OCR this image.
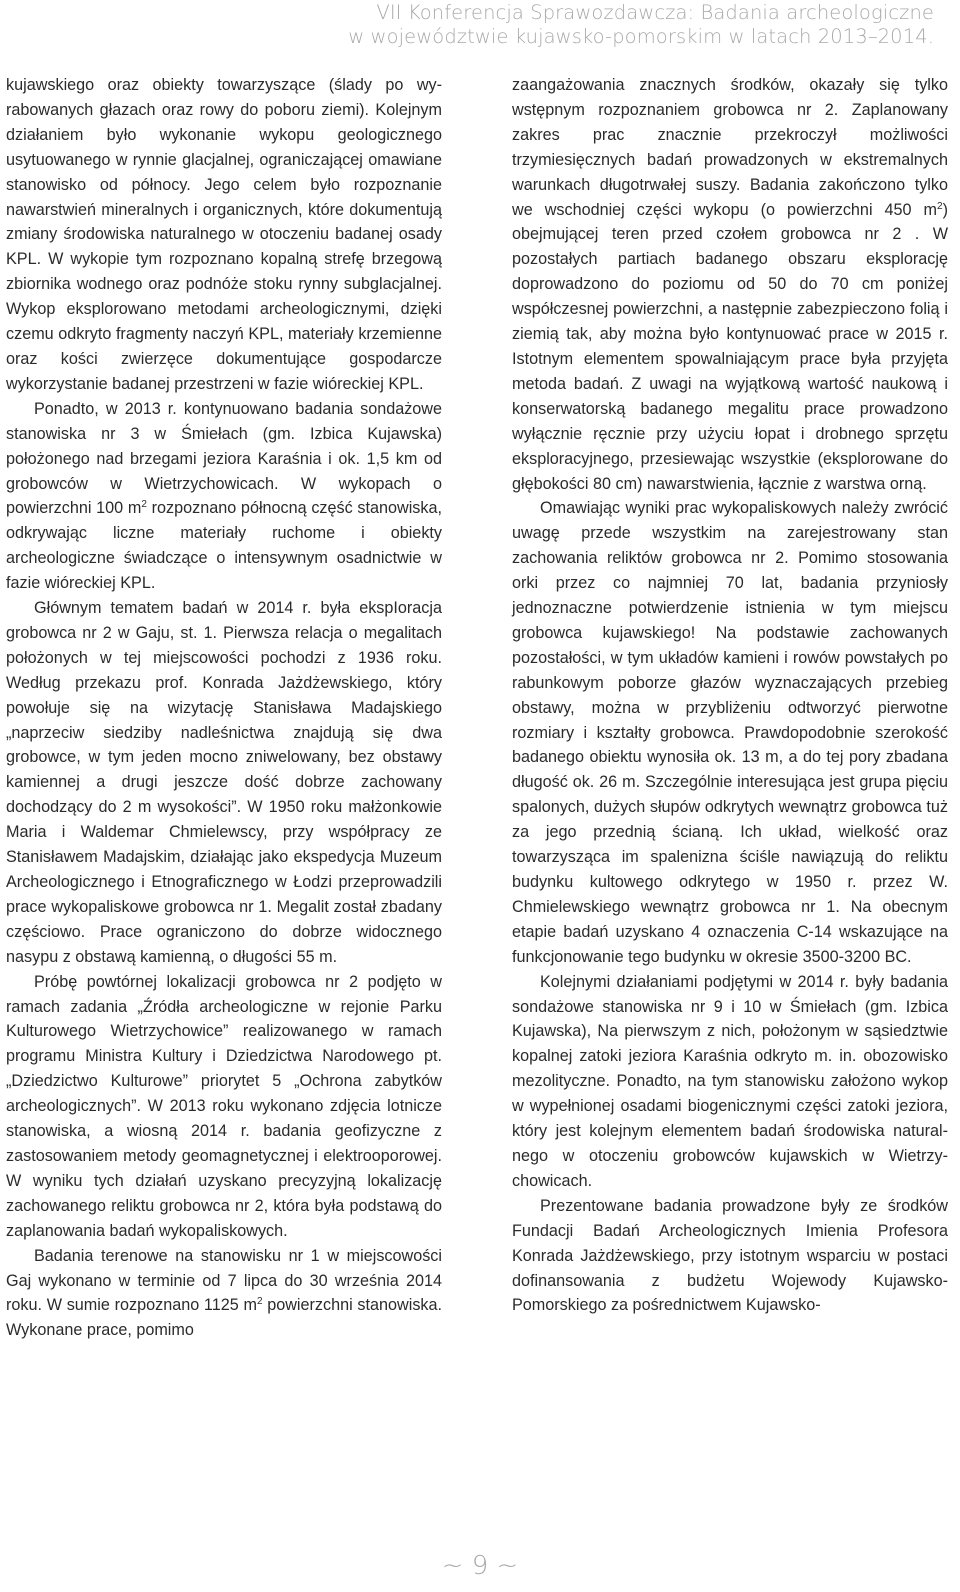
VII Konferencja Sprawozdawcza: Badania archeologiczne
w województwie kujawsko-pomorskim w latach 2013–2014.

kujawskiego oraz obiekty towarzyszące (ślady po wyrabowanych głazach oraz rowy do poboru ziemi). Kolejnym działaniem było wykonanie wykopu geologicznego usytuowanego w rynnie glacjalnej, ograniczającej omawiane stanowisko od północy. Jego celem było rozpoznanie nawarstwień mineralnych i organicznych, które dokumentują zmiany środowiska naturalnego w otoczeniu badanej osady KPL. W wykopie tym rozpoznano kopalną strefę brzegową zbiornika wodnego oraz podnóże stoku rynny subglacjalnej. Wykop eksplorowano metodami archeologicznymi, dzięki czemu odkryto fragmenty naczyń KPL, materiały krzemienne oraz kości zwierzęce dokumentujące gospodarcze wykorzystanie badanej przestrzeni w fazie wióreckiej KPL.

Ponadto, w 2013 r. kontynuowano badania sondażowe stanowiska nr 3 w Śmiełach (gm. Izbica Kujawska) położonego nad brzegami jeziora Karaśnia i ok. 1,5 km od grobowców w Wietrzychowicach. W wykopach o powierzchni 100 $m^2$ rozpoznano północną część stanowiska, odkrywając liczne materiały ruchome i obiekty archeologiczne świadczące o intensywnym osadnictwie w fazie wióreckiej KPL.

Głównym tematem badań w 2014 r. była ekspIoracja grobowca nr 2 w Gaju, st. 1. Pierwsza relacja o megalitach położonych w tej miejscowości pochodzi z 1936 roku. Według przekazu prof. Konrada Jażdżewskiego, który powołuje się na wizytację Stanisława Madajskiego „naprzeciw siedziby nadleśnictwa znajdują się dwa grobowce, w tym jeden mocno zniwelowany, bez obstawy kamiennej a drugi jeszcze dość dobrze zachowany dochodzący do 2 m wysokości”. W 1950 roku małżonkowie Maria i Waldemar Chmielewscy, przy współpracy ze Stanisławem Madajskim, działając jako ekspedycja Muzeum Archeologicznego i Etnograficznego w Łodzi przeprowadzili prace wykopaliskowe grobowca nr 1. Megalit został zbadany częściowo. Prace ograniczono do dobrze widocznego nasypu z obstawą kamienną, o długości 55 m.

Próbę powtórnej lokalizacji grobowca nr 2 podjęto w ramach zadania „Źródła archeologiczne w rejonie Parku Kulturowego Wietrzychowice” realizowanego w ramach programu Ministra Kultury i Dziedzictwa Narodowego pt. „Dziedzictwo Kulturowe” priorytet 5 „Ochrona zabytków archeologicznych”. W 2013 roku wykonano zdjęcia lotnicze stanowiska, a wiosną 2014 r. badania geofizyczne z zastosowaniem metody geomagnetycznej i elektrooporowej. W wyniku tych działań uzyskano precyzyjną lokalizację zachowanego reliktu grobowca nr 2, która była podstawą do zaplanowania badań wykopaliskowych.

Badania terenowe na stanowisku nr 1 w miejscowości Gaj wykonano w terminie od 7 lipca do 30 września 2014 roku. W sumie rozpoznano 1125 $m^2$ powierzchni stanowiska. Wykonane prace, pomimo

zaangażowania znacznych środków, okazały się tylko wstępnym rozpoznaniem grobowca nr 2. Zaplanowany zakres prac znacznie przekroczył możliwości trzymiesięcznych badań prowadzonych w ekstremalnych warunkach długotrwałej suszy. Badania zakończono tylko we wschodniej części wykopu (o powierzchni 450 $m^2$) obejmującej teren przed czołem grobowca nr 2 . W pozostałych partiach badanego obszaru eksplorację doprowadzono do poziomu od 50 do 70 cm poniżej współczesnej powierzchni, a następnie zabezpieczono folią i ziemią tak, aby można było kontynuować prace w 2015 r. Istotnym elementem spowalniającym prace była przyjęta metoda badań. Z uwagi na wyjątkową wartość naukową i konserwatorską badanego megalitu prace prowadzono wyłącznie ręcznie przy użyciu łopat i drobnego sprzętu eksploracyjnego, przesiewając wszystkie (eksplorowane do głębokości 80 cm) nawarstwienia, łącznie z warstwa orną.

Omawiając wyniki prac wykopaliskowych należy zwrócić uwagę przede wszystkim na zarejestrowany stan zachowania reliktów grobowca nr 2. Pomimo stosowania orki przez co najmniej 70 lat, badania przyniosły jednoznaczne potwierdzenie istnienia w tym miejscu grobowca kujawskiego! Na podstawie zachowanych pozostałości, w tym układów kamieni i rowów powstałych po rabunkowym poborze głazów wyznaczających przebieg obstawy, można w przybliżeniu odtworzyć pierwotne rozmiary i kształty grobowca. Prawdopodobnie szerokość badanego obiektu wynosiła ok. 13 m, a do tej pory zbadana długość ok. 26 m. Szczególnie interesująca jest grupa pięciu spalonych, dużych słupów odkrytych wewnątrz grobowca tuż za jego przednią ścianą. Ich układ, wielkość oraz towarzysząca im spalenizna ściśle nawiązują do reliktu budynku kultowego odkrytego w 1950 r. przez W. Chmielewskiego wewnątrz grobowca nr 1. Na obecnym etapie badań uzyskano 4 oznaczenia C-14 wskazujące na funkcjonowanie tego budynku w okresie 3500-3200 BC.

Kolejnymi działaniami podjętymi w 2014 r. były badania sondażowe stanowiska nr 9 i 10 w Śmiełach (gm. Izbica Kujawska), Na pierwszym z nich, położonym w sąsiedztwie kopalnej zatoki jeziora Karaśnia odkryto m. in. obozowisko mezolityczne. Ponadto, na tym stanowisku założono wykop w wypełnionej osadami biogenicznymi części zatoki jeziora, który jest kolejnym elementem badań środowiska naturalnego w otoczeniu grobowców kujawskich w Wietrzychowicach.

Prezentowane badania prowadzone były ze środków Fundacji Badań Archeologicznych Imienia Profesora Konrada Jażdżewskiego, przy istotnym wsparciu w postaci dofinansowania z budżetu Wojewody Kujawsko-Pomorskiego za pośrednictwem Kujawsko-

~ 9 ~
